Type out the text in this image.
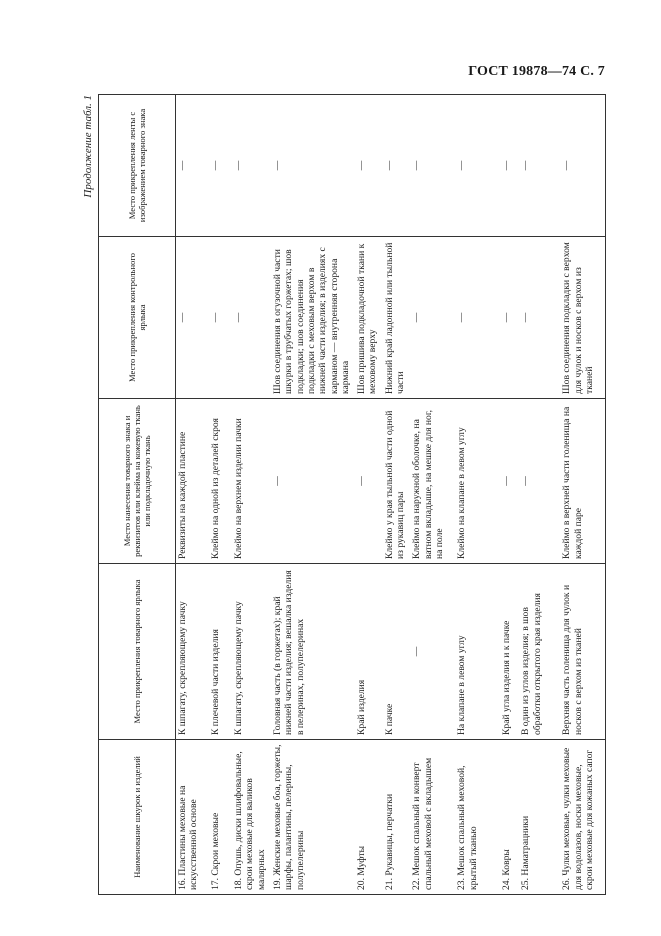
ГОСТ 19878—74 С. 7
Продолжение табл. 1
Наименование шкурок и изделий	Место прикрепления товарного ярлыка	Место нанесения товарного знака и реквизитов или клейма на кожевую ткань или подкладочную ткань	Место прикрепления контрольного ярлыка	Место прикрепления ленты с изображением товарного знака
16. Пластины меховые на искусственной основе	К шпагату, скрепляющему пачку	Реквизиты на каждой пластине	—	—
17. Скрои меховые	К плечевой части изделия	Клеймо на одной из деталей скроя	—	—
18. Опушь, диски шлифовальные, скрои меховые для валиков малярных	К шпагату, скрепляющему пачку	Клеймо на верхнем изделии пачки	—	—
19. Женские меховые боа, горжеты, шарфы, палантины, пелерины, полупелерины	Головная часть (в горжетах); край нижней части изделия; вешалка изделия в пелеринах, полупелеринах	—	Шов соединения в огузочной части шкурки в трубчатых горжетах; шов подкладки; шов соединения подкладки с меховым верхом в нижней части изделия; в изделиях с карманом — внутренняя сторона кармана	—
20. Муфты	Край изделия	—	Шов пришива подкладочной ткани к меховому верху	—
21. Рукавицы, перчатки	К пачке	Клеймо у края тыльной части одной из рукавиц пары	Нижний край ладонной или тыльной части	—
22. Мешок спальный и конверт спальный меховой с вкладышем	—	Клеймо на наружной оболочке, на ватном вкладыше, на мешке для ног, на поле	—	—
23. Мешок спальный меховой, крытый тканью	На клапане в левом углу	Клеймо на клапане в левом углу	—	—
24. Ковры	Край угла изделия и к пачке	—	—	—
25. Наматрацники	В один из углов изделия; в шов обработки открытого края изделия	—	—	—
26. Чулки меховые, чулки меховые для водолазов, носки меховые, скрои меховые для кожаных сапог	Верхняя часть голенища для чулок и носков с верхом из тканей	Клеймо в верхней части голенища на каждой паре	Шов соединения подкладки с верхом для чулок и носков с верхом из тканей	—
